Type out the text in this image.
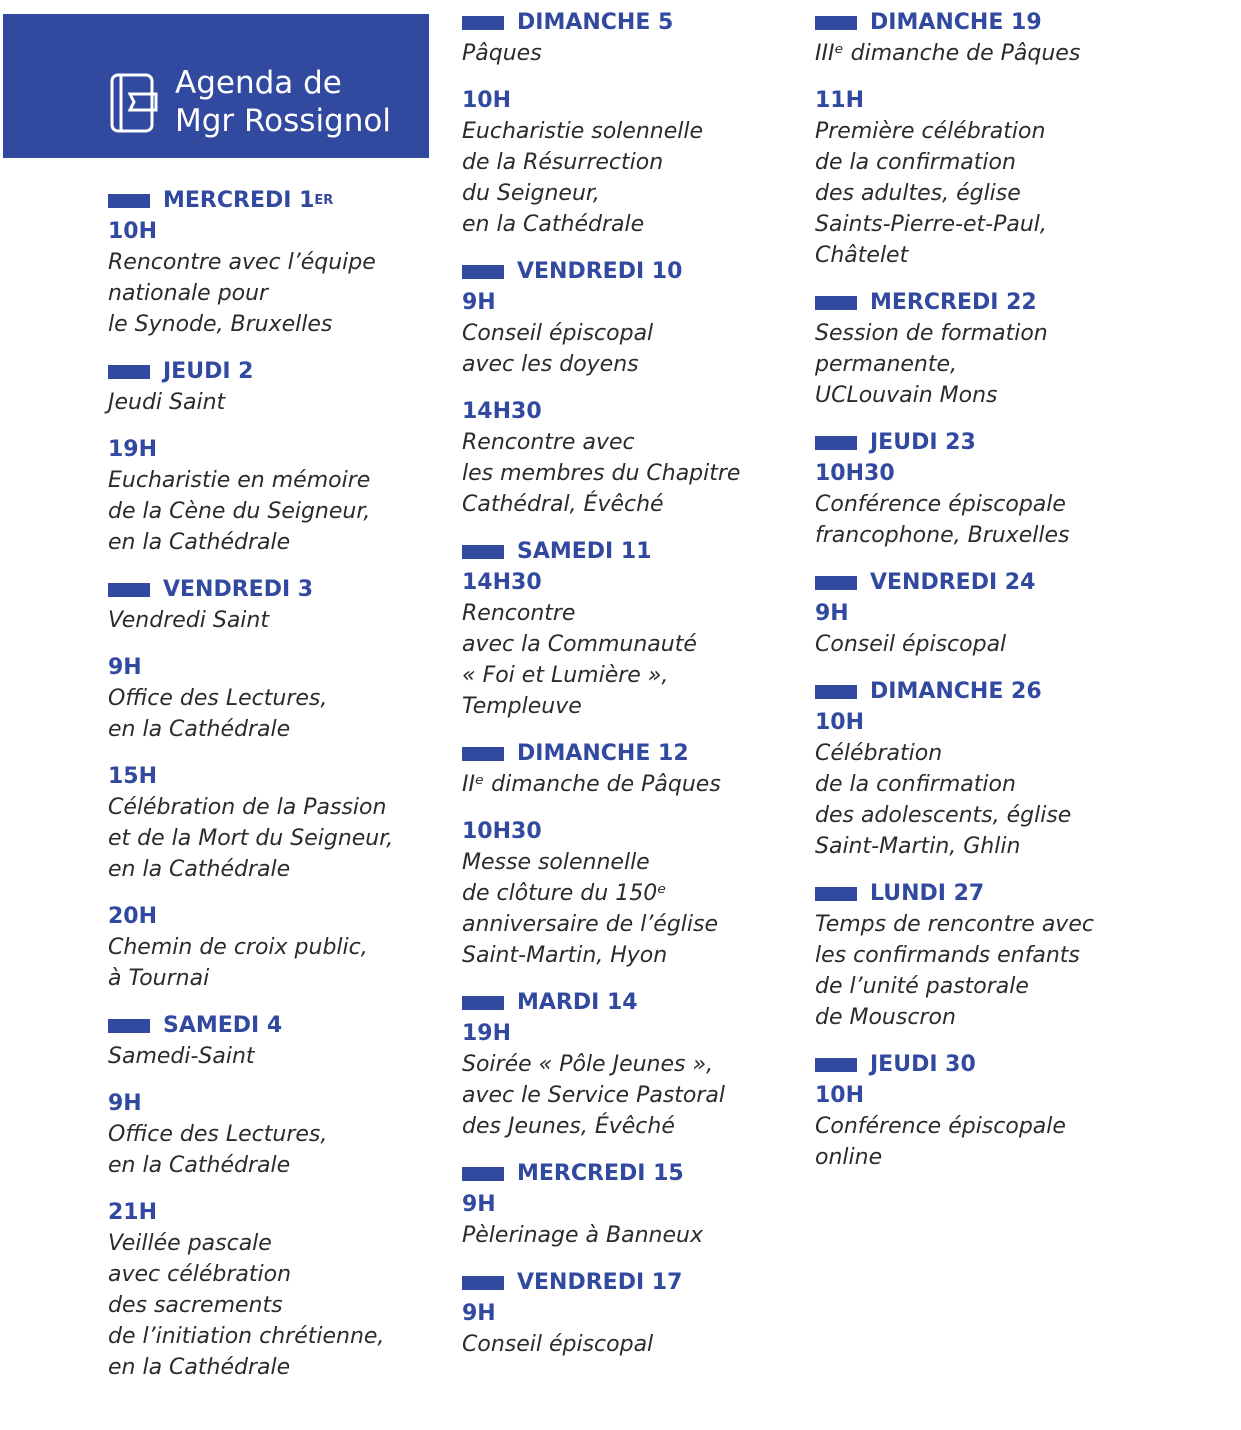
Agenda de
Mgr Rossignol
MERCREDI 1 ER
10H
Rencontre avec l’équipe
nationale pour
le Synode, Bruxelles
JEUDI 2
Jeudi Saint
19H
Eucharistie en mémoire
de la Cène du Seigneur,
en la Cathédrale
VENDREDI 3
Vendredi Saint
9H
Office des Lectures,
en la Cathédrale
15H
Célébration de la Passion
et de la Mort du Seigneur,
en la Cathédrale
20H
Chemin de croix public,
à Tournai
SAMEDI 4
Samedi-Saint
9H
Office des Lectures,
en la Cathédrale
21H
Veillée pascale
avec célébration
des sacrements
de l’initiation chrétienne,
en la Cathédrale
DIMANCHE 5
Pâques
10H
Eucharistie solennelle
de la Résurrection
du Seigneur,
en la Cathédrale
VENDREDI 10
9H
Conseil épiscopal
avec les doyens
14H30
Rencontre avec
les membres du Chapitre
Cathédral, Évêché
SAMEDI 11
14H30
Rencontre
avec la Communauté
« Foi et Lumière »,
Templeuve
DIMANCHE 12
IIᵉ dimanche de Pâques
10H30
Messe solennelle
de clôture du 150ᵉ
anniversaire de l’église
Saint-Martin, Hyon
MARDI 14
19H
Soirée « Pôle Jeunes »,
avec le Service Pastoral
des Jeunes, Évêché
MERCREDI 15
9H
Pèlerinage à Banneux
VENDREDI 17
9H
Conseil épiscopal
DIMANCHE 19
IIIᵉ dimanche de Pâques
11H
Première célébration
de la confirmation
des adultes, église
Saints-Pierre-et-Paul,
Châtelet
MERCREDI 22
Session de formation
permanente,
UCLouvain Mons
JEUDI 23
10H30
Conférence épiscopale
francophone, Bruxelles
VENDREDI 24
9H
Conseil épiscopal
DIMANCHE 26
10H
Célébration
de la confirmation
des adolescents, église
Saint-Martin, Ghlin
LUNDI 27
Temps de rencontre avec
les confirmands enfants
de l’unité pastorale
de Mouscron
JEUDI 30
10H
Conférence épiscopale
online
